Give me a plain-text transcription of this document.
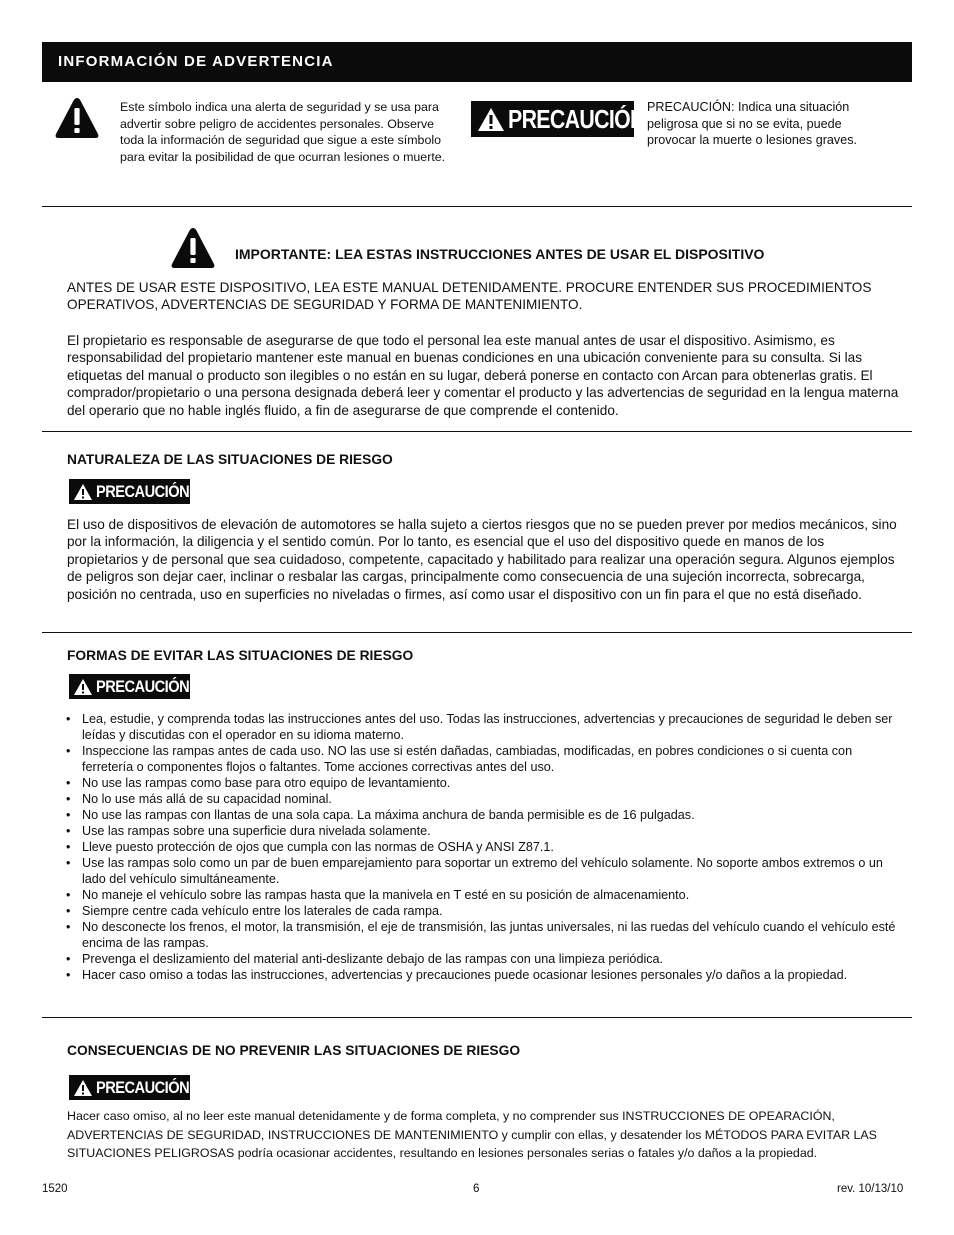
INFORMACIÓN DE ADVERTENCIA
Este símbolo indica una alerta de seguridad y se usa para advertir sobre peligro de accidentes personales. Observe toda la información de seguridad que sigue a este símbolo para evitar la posibilidad de que ocurran lesiones o muerte.
PRECAUCIÓN PRECAUCIÓN: Indica una situación peligrosa que si no se evita, puede provocar la muerte o lesiones graves.
IMPORTANTE: LEA ESTAS INSTRUCCIONES ANTES DE USAR EL DISPOSITIVO
ANTES DE USAR ESTE DISPOSITIVO, LEA ESTE MANUAL DETENIDAMENTE. PROCURE ENTENDER SUS PROCEDIMIENTOS OPERATIVOS, ADVERTENCIAS DE SEGURIDAD Y FORMA DE MANTENIMIENTO.
El propietario es responsable de asegurarse de que todo el personal lea este manual antes de usar el dispositivo. Asimismo, es responsabilidad del propietario mantener este manual en buenas condiciones en una ubicación conveniente para su consulta. Si las etiquetas del manual o producto son ilegibles o no están en su lugar, deberá ponerse en contacto con Arcan para obtenerlas gratis. El comprador/propietario o una persona designada deberá leer y comentar el producto y las advertencias de seguridad en la lengua materna del operario que no hable inglés fluido, a fin de asegurarse de que comprende el contenido.
NATURALEZA DE LAS SITUACIONES DE RIESGO
PRECAUCIÓN
El uso de dispositivos de elevación de automotores se halla sujeto a ciertos riesgos que no se pueden prever por medios mecánicos, sino por la información, la diligencia y el sentido común. Por lo tanto, es esencial que el uso del dispositivo quede en manos de los propietarios y de personal que sea cuidadoso, competente, capacitado y habilitado para realizar una operación segura. Algunos ejemplos de peligros son dejar caer, inclinar o resbalar las cargas, principalmente como consecuencia de una sujeción incorrecta, sobrecarga, posición no centrada, uso en superficies no niveladas o firmes, así como usar el dispositivo con un fin para el que no está diseñado.
FORMAS DE EVITAR LAS SITUACIONES DE RIESGO
PRECAUCIÓN
• Lea, estudie, y comprenda todas las instrucciones antes del uso. Todas las instrucciones, advertencias y precauciones de seguridad le deben ser leídas y discutidas con el operador en su idioma materno.
• Inspeccione las rampas antes de cada uso. NO las use si estén dañadas, cambiadas, modificadas, en pobres condiciones o si cuenta con ferretería o componentes flojos o faltantes. Tome acciones correctivas antes del uso.
• No use las rampas como base para otro equipo de levantamiento.
• No lo use más allá de su capacidad nominal.
• No use las rampas con llantas de una sola capa. La máxima anchura de banda permisible es de 16 pulgadas.
• Use las rampas sobre una superficie dura nivelada solamente.
• Lleve puesto protección de ojos que cumpla con las normas de OSHA y ANSI Z87.1.
• Use las rampas solo como un par de buen emparejamiento para soportar un extremo del vehículo solamente. No soporte ambos extremos o un lado del vehículo simultáneamente.
• No maneje el vehículo sobre las rampas hasta que la manivela en T esté en su posición de almacenamiento.
• Siempre centre cada vehículo entre los laterales de cada rampa.
• No desconecte los frenos, el motor, la transmisión, el eje de transmisión, las juntas universales, ni las ruedas del vehículo cuando el vehículo esté encima de las rampas.
• Prevenga el deslizamiento del material anti-deslizante debajo de las rampas con una limpieza periódica.
• Hacer caso omiso a todas las instrucciones, advertencias y precauciones puede ocasionar lesiones personales y/o daños a la propiedad.
CONSECUENCIAS DE NO PREVENIR LAS SITUACIONES DE RIESGO
PRECAUCIÓN
Hacer caso omiso, al no leer este manual detenidamente y de forma completa, y no comprender sus INSTRUCCIONES DE OPEARACIÓN, ADVERTENCIAS DE SEGURIDAD, INSTRUCCIONES DE MANTENIMIENTO y cumplir con ellas, y desatender los MÉTODOS PARA EVITAR LAS SITUACIONES PELIGROSAS podría ocasionar accidentes, resultando en lesiones personales serias o fatales y/o daños a la propiedad.
1520	6	rev. 10/13/10
